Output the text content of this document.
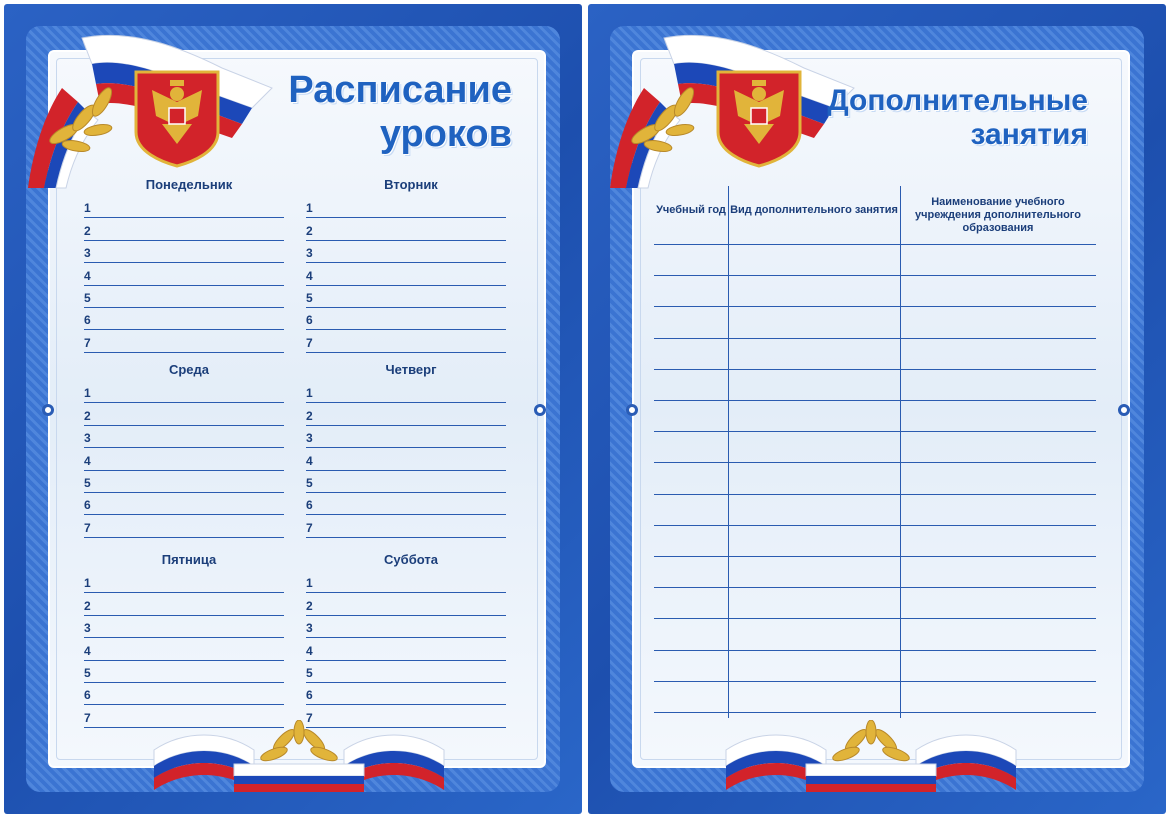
Расписание
уроков
Понедельник
1
2
3
4
5
6
7
Вторник
1
2
3
4
5
6
7
Среда
1
2
3
4
5
6
7
Четверг
1
2
3
4
5
6
7
Пятница
1
2
3
4
5
6
7
Суббота
1
2
3
4
5
6
7
Дополнительные
занятия
Учебный год Вид дополнительного занятия
Наименование учебного учреждения дополнительного образования
